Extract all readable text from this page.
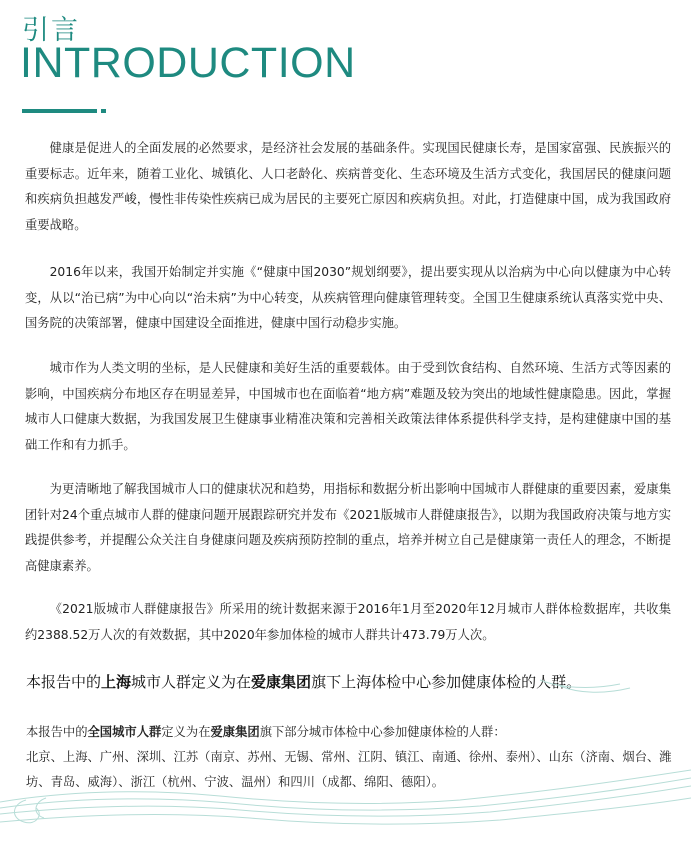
引言
INTRODUCTION

健康是促进人的全面发展的必然要求，是经济社会发展的基础条件。实现国民健康长寿，是国家富强、民族振兴的重要标志。近年来，随着工业化、城镇化、人口老龄化、疾病普变化、生态环境及生活方式变化，我国居民的健康问题和疾病负担越发严峻，慢性非传染性疾病已成为居民的主要死亡原因和疾病负担。对此，打造健康中国，成为我国政府重要战略。

2016年以来，我国开始制定并实施《“健康中国2030”规划纲要》，提出要实现从以治病为中心向以健康为中心转变，从以“治已病”为中心向以“治未病”为中心转变，从疾病管理向健康管理转变。全国卫生健康系统认真落实党中央、国务院的决策部署，健康中国建设全面推进，健康中国行动稳步实施。

城市作为人类文明的坐标，是人民健康和美好生活的重要载体。由于受到饮食结构、自然环境、生活方式等因素的影响，中国疾病分布地区存在明显差异，中国城市也在面临着“地方病”难题及较为突出的地域性健康隐患。因此，掌握城市人口健康大数据，为我国发展卫生健康事业精准决策和完善相关政策法律体系提供科学支持，是构建健康中国的基础工作和有力抓手。

为更清晰地了解我国城市人口的健康状况和趋势，用指标和数据分析出影响中国城市人群健康的重要因素，爱康集团针对24个重点城市人群的健康问题开展跟踪研究并发布《2021版城市人群健康报告》，以期为我国政府决策与地方实践提供参考，并提醒公众关注自身健康问题及疾病预防控制的重点，培养并树立自己是健康第一责任人的理念，不断提高健康素养。

《2021版城市人群健康报告》所采用的统计数据来源于2016年1月至2020年12月城市人群体检数据库，共收集约2388.52万人次的有效数据，其中2020年参加体检的城市人群共计473.79万人次。

本报告中的上海城市人群定义为在爱康集团旗下上海体检中心参加健康体检的人群。

本报告中的全国城市人群定义为在爱康集团旗下部分城市体检中心参加健康体检的人群：

北京、上海、广州、深圳、江苏（南京、苏州、无锡、常州、江阴、镇江、南通、徐州、泰州）、山东（济南、烟台、潍坊、青岛、威海）、浙江（杭州、宁波、温州）和四川（成都、绵阳、德阳）。
